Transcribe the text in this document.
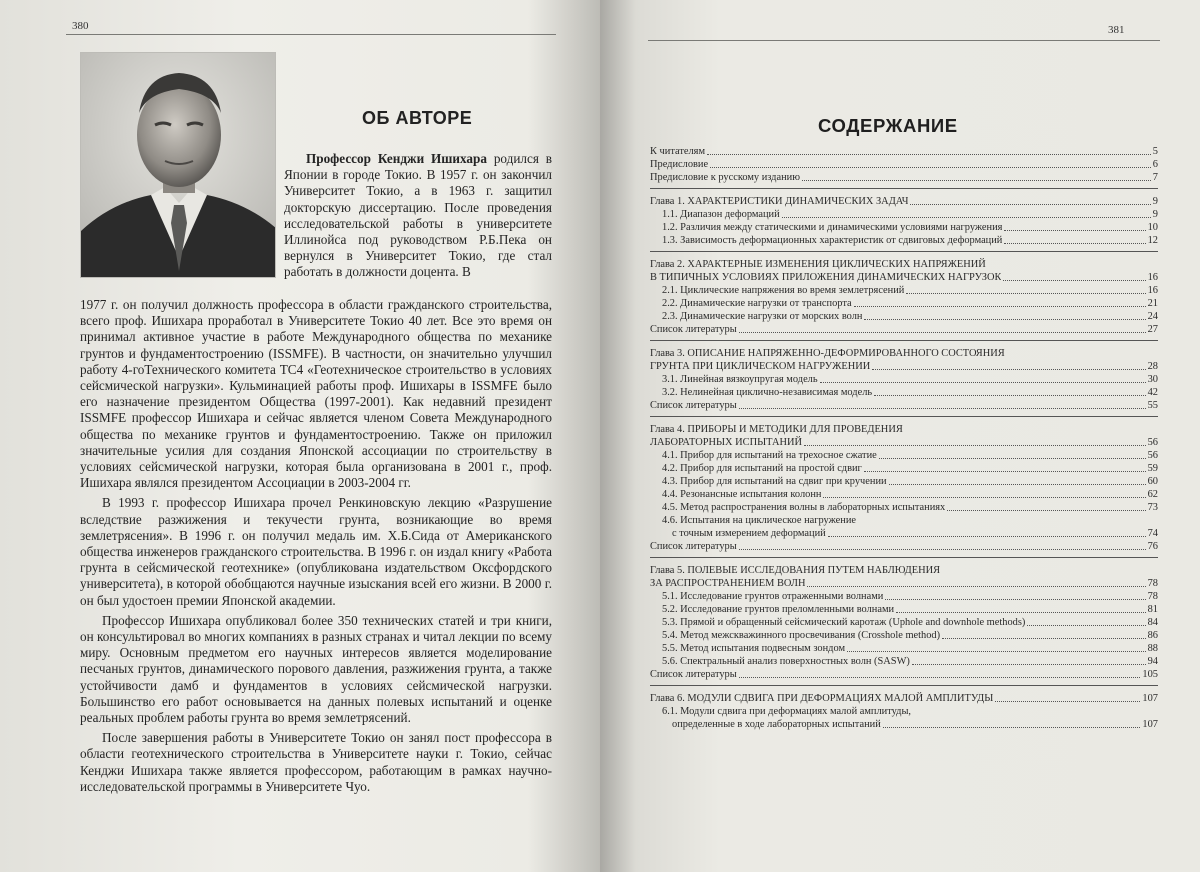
380
ОБ АВТОРЕ

Профессор Кенджи Ишихара родился в Японии в городе Токио. В 1957 г. он закончил Университет Токио, а в 1963 г. защитил докторскую диссертацию. После проведения исследовательской работы в университете Иллинойса под руководством Р.Б.Пека он вернулся в Университет Токио, где стал работать в должности доцента. В

1977 г. он получил должность профессора в области гражданского строительства, всего проф. Ишихара проработал в Университете Токио 40 лет. Все это время он принимал активное участие в работе Международного общества по механике грунтов и фундаментостроению (ISSMFE). В частности, он значительно улучшил работу 4-гоТехнического комитета ТС4 «Геотехническое строительство в условиях сейсмической нагрузки». Кульминацией работы проф. Ишихары в ISSMFE было его назначение президентом Общества (1997-2001). Как недавний президент ISSMFE профессор Ишихара и сейчас является членом Совета Международного общества по механике грунтов и фундаментостроению. Также он приложил значительные усилия для создания Японской ассоциации по строительству в условиях сейсмической нагрузки, которая была организована в 2001 г., проф. Ишихара являлся президентом Ассоциации в 2003-2004 гг.

В 1993 г. профессор Ишихара прочел Ренкиновскую лекцию «Разрушение вследствие разжижения и текучести грунта, возникающие во время землетрясения». В 1996 г. он получил медаль им. Х.Б.Сида от Американского общества инженеров гражданского строительства. В 1996 г. он издал книгу «Работа грунта в сейсмической геотехнике» (опубликована издательством Оксфордского университета), в которой обобщаются научные изыскания всей его жизни. В 2000 г. он был удостоен премии Японской академии.

Профессор Ишихара опубликовал более 350 технических статей и три книги, он консультировал во многих компаниях в разных странах и читал лекции по всему миру. Основным предметом его научных интересов является моделирование песчаных грунтов, динамического порового давления, разжижения грунта, а также устойчивости дамб и фундаментов в условиях сейсмической нагрузки. Большинство его работ основывается на данных полевых испытаний и оценке реальных проблем работы грунта во время землетрясений.

После завершения работы в Университете Токио он занял пост профессора в области геотехнического строительства в Университете науки г. Токио, сейчас Кенджи Ишихара также является профессором, работающим в рамках научно-исследовательской программы в Университете Чуо.

381
СОДЕРЖАНИЕ
К читателям	5
Предисловие	6
Предисловие к русскому изданию	7
Глава 1. ХАРАКТЕРИСТИКИ ДИНАМИЧЕСКИХ ЗАДАЧ	9
1.1. Диапазон деформаций	9
1.2. Различия между статическими и динамическими условиями нагружения	10
1.3. Зависимость деформационных характеристик от сдвиговых деформаций	12
Глава 2. ХАРАКТЕРНЫЕ ИЗМЕНЕНИЯ ЦИКЛИЧЕСКИХ НАПРЯЖЕНИЙ
В ТИПИЧНЫХ УСЛОВИЯХ ПРИЛОЖЕНИЯ ДИНАМИЧЕСКИХ НАГРУЗОК	16
2.1. Циклические напряжения во время землетрясений	16
2.2. Динамические нагрузки от транспорта	21
2.3. Динамические нагрузки от морских волн	24
Список литературы	27
Глава 3. ОПИСАНИЕ НАПРЯЖЕННО-ДЕФОРМИРОВАННОГО СОСТОЯНИЯ
ГРУНТА ПРИ ЦИКЛИЧЕСКОМ НАГРУЖЕНИИ	28
3.1. Линейная вязкоупругая модель	30
3.2. Нелинейная циклично-независимая модель	42
Список литературы	55
Глава 4. ПРИБОРЫ И МЕТОДИКИ ДЛЯ ПРОВЕДЕНИЯ
ЛАБОРАТОРНЫХ ИСПЫТАНИЙ	56
4.1. Прибор для испытаний на трехосное сжатие	56
4.2. Прибор для испытаний на простой сдвиг	59
4.3. Прибор для испытаний на сдвиг при кручении	60
4.4. Резонансные испытания колонн	62
4.5. Метод распространения волны в лабораторных испытаниях	73
4.6. Испытания на циклическое нагружение
с точным измерением деформаций	74
Список литературы	76
Глава 5. ПОЛЕВЫЕ ИССЛЕДОВАНИЯ ПУТЕМ НАБЛЮДЕНИЯ
ЗА РАСПРОСТРАНЕНИЕМ ВОЛН	78
5.1. Исследование грунтов отраженными волнами	78
5.2. Исследование грунтов преломленными волнами	81
5.3. Прямой и обращенный сейсмический каротаж (Uphole and downhole methods)	84
5.4. Метод межскважинного просвечивания (Crosshole method)	86
5.5. Метод испытания подвесным зондом	88
5.6. Спектральный анализ поверхностных волн (SASW)	94
Список литературы	105
Глава 6. МОДУЛИ СДВИГА ПРИ ДЕФОРМАЦИЯХ МАЛОЙ АМПЛИТУДЫ	107
6.1. Модули сдвига при деформациях малой амплитуды,
определенные в ходе лабораторных испытаний	107
